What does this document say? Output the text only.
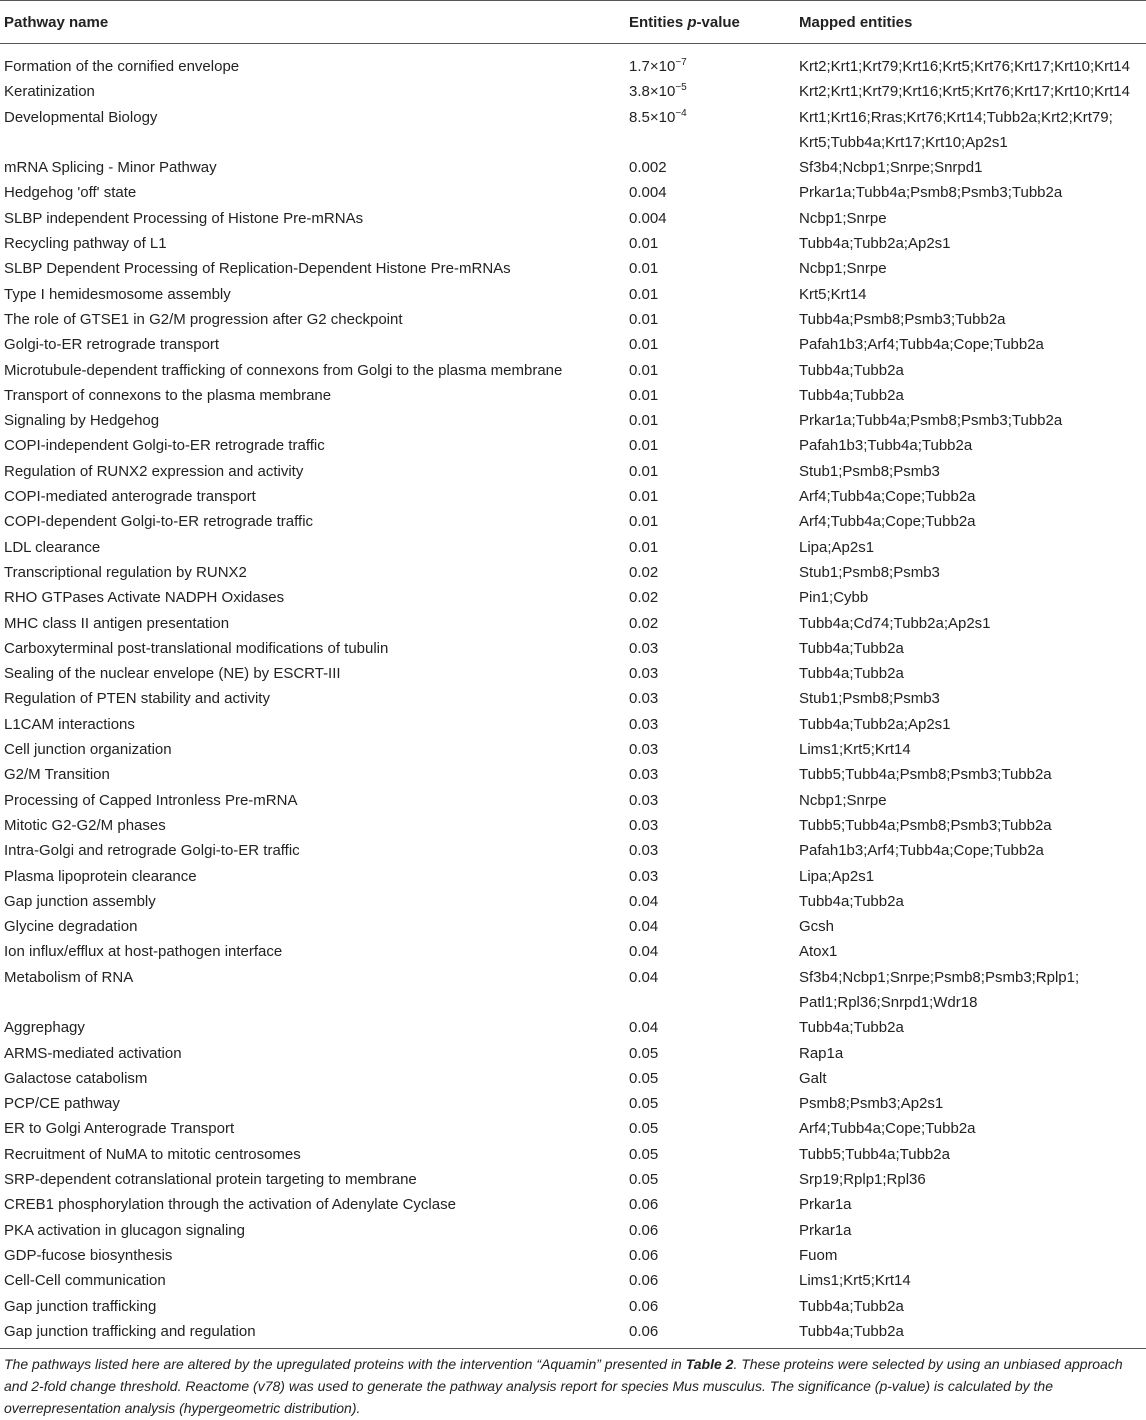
Pathway name	Entities p-value	Mapped entities
Formation of the cornified envelope	$1.7\times 10^{-7}$	Krt2;Krt1;Krt79;Krt16;Krt5;Krt76;Krt17;Krt10;Krt14

Keratinization	$3.8\times 10^{-5}$	Krt2;Krt1;Krt79;Krt16;Krt5;Krt76;Krt17;Krt10;Krt14

Developmental Biology	$8.5\times 10^{-4}$	Krt1;Krt16;Rras;Krt76;Krt14;Tubb2a;Krt2;Krt79;
Krt5;Tubb4a;Krt17;Krt10;Ap2s1

mRNA Splicing - Minor Pathway	0.002	Sf3b4;Ncbp1;Snrpe;Snrpd1

Hedgehog 'off' state	0.004	Prkar1a;Tubb4a;Psmb8;Psmb3;Tubb2a

SLBP independent Processing of Histone Pre-mRNAs	0.004	Ncbp1;Snrpe

Recycling pathway of L1	0.01	Tubb4a;Tubb2a;Ap2s1

SLBP Dependent Processing of Replication-Dependent Histone Pre-mRNAs	0.01	Ncbp1;Snrpe

Type I hemidesmosome assembly	0.01	Krt5;Krt14

The role of GTSE1 in G2/M progression after G2 checkpoint	0.01	Tubb4a;Psmb8;Psmb3;Tubb2a

Golgi-to-ER retrograde transport	0.01	Pafah1b3;Arf4;Tubb4a;Cope;Tubb2a

Microtubule-dependent trafficking of connexons from Golgi to the plasma membrane	0.01	Tubb4a;Tubb2a

Transport of connexons to the plasma membrane	0.01	Tubb4a;Tubb2a

Signaling by Hedgehog	0.01	Prkar1a;Tubb4a;Psmb8;Psmb3;Tubb2a

COPI-independent Golgi-to-ER retrograde traffic	0.01	Pafah1b3;Tubb4a;Tubb2a

Regulation of RUNX2 expression and activity	0.01	Stub1;Psmb8;Psmb3

COPI-mediated anterograde transport	0.01	Arf4;Tubb4a;Cope;Tubb2a

COPI-dependent Golgi-to-ER retrograde traffic	0.01	Arf4;Tubb4a;Cope;Tubb2a

LDL clearance	0.01	Lipa;Ap2s1

Transcriptional regulation by RUNX2	0.02	Stub1;Psmb8;Psmb3

RHO GTPases Activate NADPH Oxidases	0.02	Pin1;Cybb

MHC class II antigen presentation	0.02	Tubb4a;Cd74;Tubb2a;Ap2s1

Carboxyterminal post-translational modifications of tubulin	0.03	Tubb4a;Tubb2a

Sealing of the nuclear envelope (NE) by ESCRT-III	0.03	Tubb4a;Tubb2a

Regulation of PTEN stability and activity	0.03	Stub1;Psmb8;Psmb3

L1CAM interactions	0.03	Tubb4a;Tubb2a;Ap2s1

Cell junction organization	0.03	Lims1;Krt5;Krt14

G2/M Transition	0.03	Tubb5;Tubb4a;Psmb8;Psmb3;Tubb2a

Processing of Capped Intronless Pre-mRNA	0.03	Ncbp1;Snrpe

Mitotic G2-G2/M phases	0.03	Tubb5;Tubb4a;Psmb8;Psmb3;Tubb2a

Intra-Golgi and retrograde Golgi-to-ER traffic	0.03	Pafah1b3;Arf4;Tubb4a;Cope;Tubb2a

Plasma lipoprotein clearance	0.03	Lipa;Ap2s1

Gap junction assembly	0.04	Tubb4a;Tubb2a

Glycine degradation	0.04	Gcsh

Ion influx/efflux at host-pathogen interface	0.04	Atox1

Metabolism of RNA	0.04	Sf3b4;Ncbp1;Snrpe;Psmb8;Psmb3;Rplp1;
Patl1;Rpl36;Snrpd1;Wdr18

Aggrephagy	0.04	Tubb4a;Tubb2a

ARMS-mediated activation	0.05	Rap1a

Galactose catabolism	0.05	Galt

PCP/CE pathway	0.05	Psmb8;Psmb3;Ap2s1

ER to Golgi Anterograde Transport	0.05	Arf4;Tubb4a;Cope;Tubb2a

Recruitment of NuMA to mitotic centrosomes	0.05	Tubb5;Tubb4a;Tubb2a

SRP-dependent cotranslational protein targeting to membrane	0.05	Srp19;Rplp1;Rpl36

CREB1 phosphorylation through the activation of Adenylate Cyclase	0.06	Prkar1a

PKA activation in glucagon signaling	0.06	Prkar1a

GDP-fucose biosynthesis	0.06	Fuom

Cell-Cell communication	0.06	Lims1;Krt5;Krt14

Gap junction trafficking	0.06	Tubb4a;Tubb2a

Gap junction trafficking and regulation	0.06	Tubb4a;Tubb2a
The pathways listed here are altered by the upregulated proteins with the intervention “Aquamin” presented in Table 2. These proteins were selected by using an unbiased approach and 2-fold change threshold. Reactome (v78) was used to generate the pathway analysis report for species Mus musculus. The significance (p-value) is calculated by the overrepresentation analysis (hypergeometric distribution).
